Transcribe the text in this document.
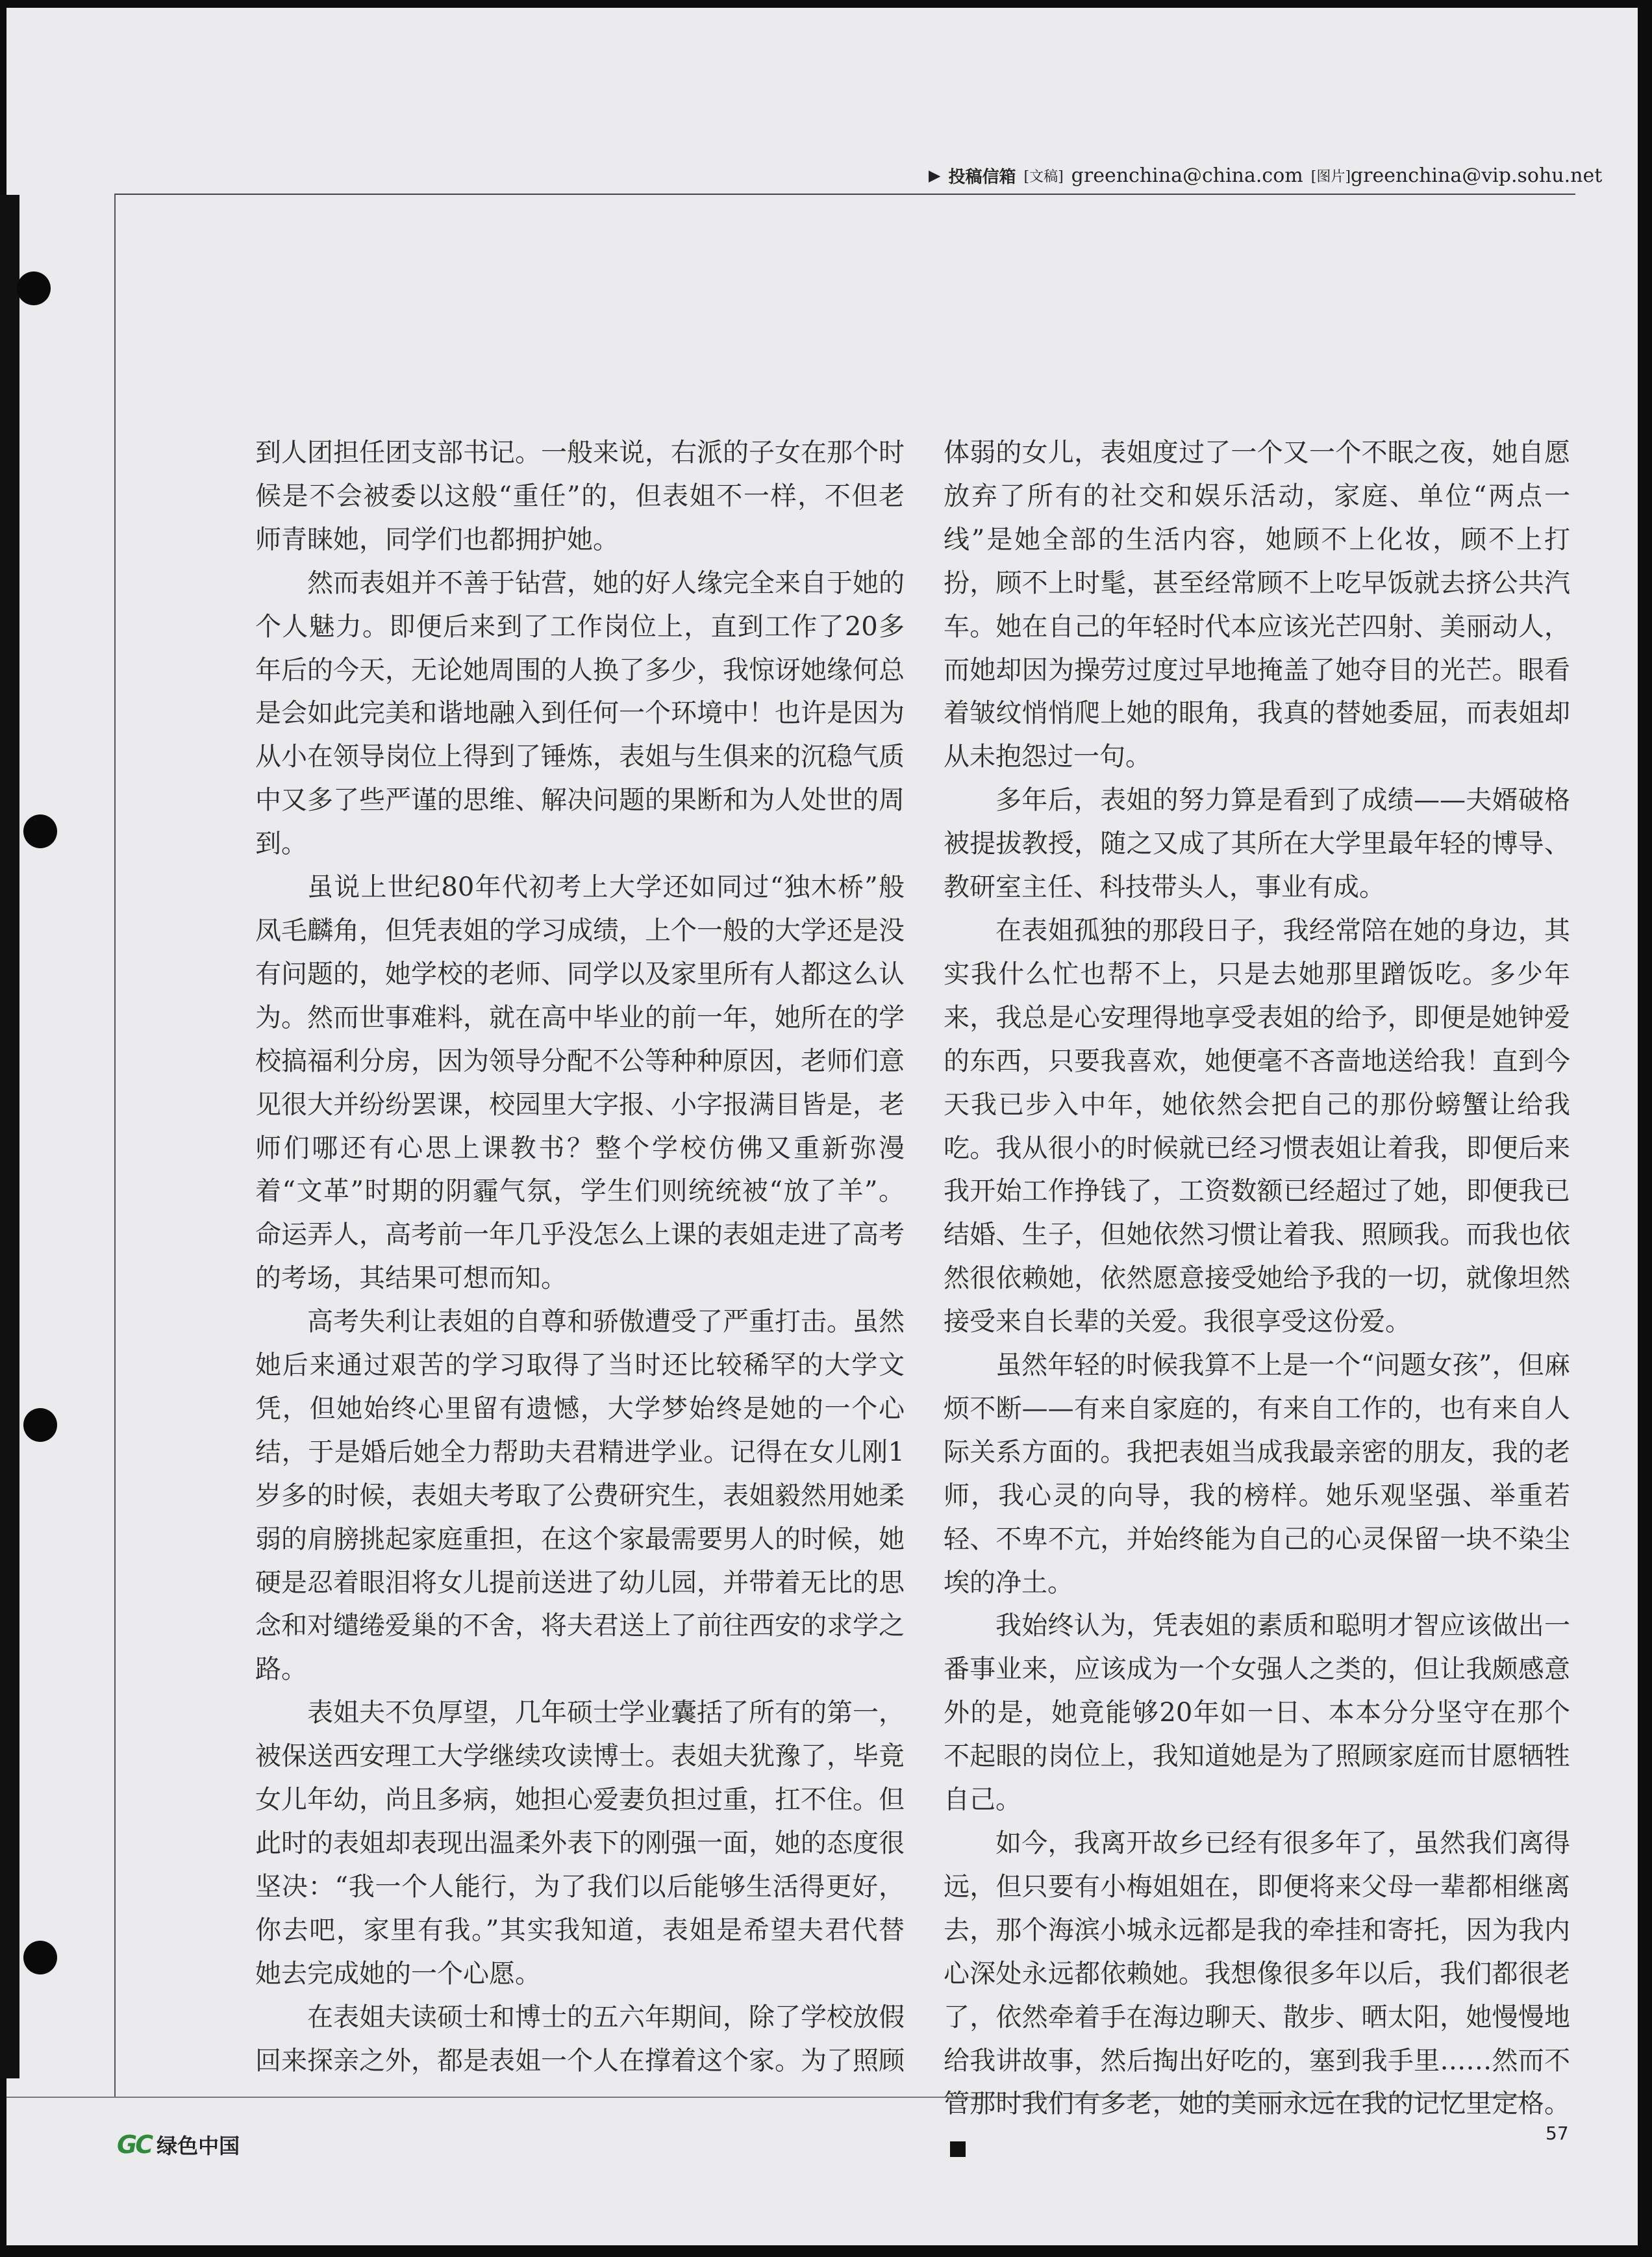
▶ 投稿信箱 [文稿] greenchina@china.com [图片] greenchina@vip.sohu.net

到人团担任团支部书记。一般来说，右派的子女在那个时候是不会被委以这般“重任”的，但表姐不一样，不但老师青睐她，同学们也都拥护她。

然而表姐并不善于钻营，她的好人缘完全来自于她的个人魅力。即便后来到了工作岗位上，直到工作了20多年后的今天，无论她周围的人换了多少，我惊讶她缘何总是会如此完美和谐地融入到任何一个环境中！也许是因为从小在领导岗位上得到了锤炼，表姐与生俱来的沉稳气质中又多了些严谨的思维、解决问题的果断和为人处世的周到。

虽说上世纪80年代初考上大学还如同过“独木桥”般凤毛麟角，但凭表姐的学习成绩，上个一般的大学还是没有问题的，她学校的老师、同学以及家里所有人都这么认为。然而世事难料，就在高中毕业的前一年，她所在的学校搞福利分房，因为领导分配不公等种种原因，老师们意见很大并纷纷罢课，校园里大字报、小字报满目皆是，老师们哪还有心思上课教书？整个学校仿佛又重新弥漫着“文革”时期的阴霾气氛，学生们则统统被“放了羊”。命运弄人，高考前一年几乎没怎么上课的表姐走进了高考的考场，其结果可想而知。

高考失利让表姐的自尊和骄傲遭受了严重打击。虽然她后来通过艰苦的学习取得了当时还比较稀罕的大学文凭，但她始终心里留有遗憾，大学梦始终是她的一个心结，于是婚后她全力帮助夫君精进学业。记得在女儿刚1岁多的时候，表姐夫考取了公费研究生，表姐毅然用她柔弱的肩膀挑起家庭重担，在这个家最需要男人的时候，她硬是忍着眼泪将女儿提前送进了幼儿园，并带着无比的思念和对缱绻爱巢的不舍，将夫君送上了前往西安的求学之路。

表姐夫不负厚望，几年硕士学业囊括了所有的第一，被保送西安理工大学继续攻读博士。表姐夫犹豫了，毕竟女儿年幼，尚且多病，她担心爱妻负担过重，扛不住。但此时的表姐却表现出温柔外表下的刚强一面，她的态度很坚决：“我一个人能行，为了我们以后能够生活得更好，你去吧，家里有我。”其实我知道，表姐是希望夫君代替她去完成她的一个心愿。

在表姐夫读硕士和博士的五六年期间，除了学校放假回来探亲之外，都是表姐一个人在撑着这个家。为了照顾

体弱的女儿，表姐度过了一个又一个不眠之夜，她自愿放弃了所有的社交和娱乐活动，家庭、单位“两点一线”是她全部的生活内容，她顾不上化妆，顾不上打扮，顾不上时髦，甚至经常顾不上吃早饭就去挤公共汽车。她在自己的年轻时代本应该光芒四射、美丽动人，而她却因为操劳过度过早地掩盖了她夺目的光芒。眼看着皱纹悄悄爬上她的眼角，我真的替她委屈，而表姐却从未抱怨过一句。

多年后，表姐的努力算是看到了成绩——夫婿破格被提拔教授，随之又成了其所在大学里最年轻的博导、教研室主任、科技带头人，事业有成。

在表姐孤独的那段日子，我经常陪在她的身边，其实我什么忙也帮不上，只是去她那里蹭饭吃。多少年来，我总是心安理得地享受表姐的给予，即便是她钟爱的东西，只要我喜欢，她便毫不吝啬地送给我！直到今天我已步入中年，她依然会把自己的那份螃蟹让给我吃。我从很小的时候就已经习惯表姐让着我，即便后来我开始工作挣钱了，工资数额已经超过了她，即便我已结婚、生子，但她依然习惯让着我、照顾我。而我也依然很依赖她，依然愿意接受她给予我的一切，就像坦然接受来自长辈的关爱。我很享受这份爱。

虽然年轻的时候我算不上是一个“问题女孩”，但麻烦不断——有来自家庭的，有来自工作的，也有来自人际关系方面的。我把表姐当成我最亲密的朋友，我的老师，我心灵的向导，我的榜样。她乐观坚强、举重若轻、不卑不亢，并始终能为自己的心灵保留一块不染尘埃的净土。

我始终认为，凭表姐的素质和聪明才智应该做出一番事业来，应该成为一个女强人之类的，但让我颇感意外的是，她竟能够20年如一日、本本分分坚守在那个不起眼的岗位上，我知道她是为了照顾家庭而甘愿牺牲自己。

如今，我离开故乡已经有很多年了，虽然我们离得远，但只要有小梅姐姐在，即便将来父母一辈都相继离去，那个海滨小城永远都是我的牵挂和寄托，因为我内心深处永远都依赖她。我想像很多年以后，我们都很老了，依然牵着手在海边聊天、散步、晒太阳，她慢慢地给我讲故事，然后掏出好吃的，塞到我手里……然而不管那时我们有多老，她的美丽永远在我的记忆里定格。

GC 绿色中国
57
